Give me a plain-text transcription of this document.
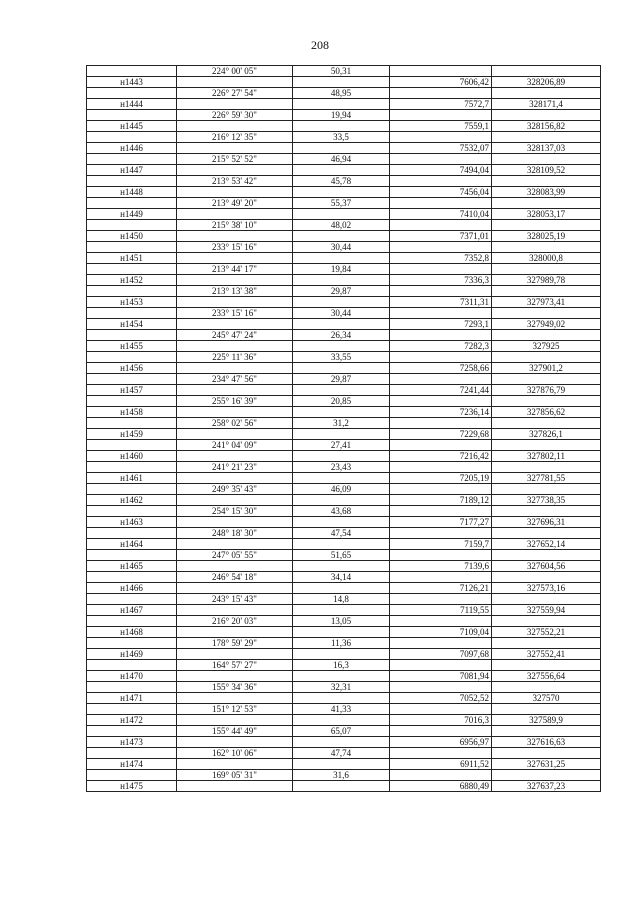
208
	224° 00' 05"	50,31		
н1443			7606,42	328206,89
	226° 27' 54"	48,95		
н1444			7572,7	328171,4
	226° 59' 30"	19,94		
н1445			7559,1	328156,82
	216° 12' 35"	33,5		
н1446			7532,07	328137,03
	215° 52' 52"	46,94		
н1447			7494,04	328109,52
	213° 53' 42"	45,78		
н1448			7456,04	328083,99
	213° 49' 20"	55,37		
н1449			7410,04	328053,17
	215° 38' 10"	48,02		
н1450			7371,01	328025,19
	233° 15' 16"	30,44		
н1451			7352,8	328000,8
	213° 44' 17"	19,84		
н1452			7336,3	327989,78
	213° 13' 38"	29,87		
н1453			7311,31	327973,41
	233° 15' 16"	30,44		
н1454			7293,1	327949,02
	245° 47' 24"	26,34		
н1455			7282,3	327925
	225° 11' 36"	33,55		
н1456			7258,66	327901,2
	234° 47' 56"	29,87		
н1457			7241,44	327876,79
	255° 16' 39"	20,85		
н1458			7236,14	327856,62
	258° 02' 56"	31,2		
н1459			7229,68	327826,1
	241° 04' 09"	27,41		
н1460			7216,42	327802,11
	241° 21' 23"	23,43		
н1461			7205,19	327781,55
	249° 35' 43"	46,09		
н1462			7189,12	327738,35
	254° 15' 30"	43,68		
н1463			7177,27	327696,31
	248° 18' 30"	47,54		
н1464			7159,7	327652,14
	247° 05' 55"	51,65		
н1465			7139,6	327604,56
	246° 54' 18"	34,14		
н1466			7126,21	327573,16
	243° 15' 43"	14,8		
н1467			7119,55	327559,94
	216° 20' 03"	13,05		
н1468			7109,04	327552,21
	178° 59' 29"	11,36		
н1469			7097,68	327552,41
	164° 57' 27"	16,3		
н1470			7081,94	327556,64
	155° 34' 36"	32,31		
н1471			7052,52	327570
	151° 12' 53"	41,33		
н1472			7016,3	327589,9
	155° 44' 49"	65,07		
н1473			6956,97	327616,63
	162° 10' 06"	47,74		
н1474			6911,52	327631,25
	169° 05' 31"	31,6		
н1475			6880,49	327637,23
